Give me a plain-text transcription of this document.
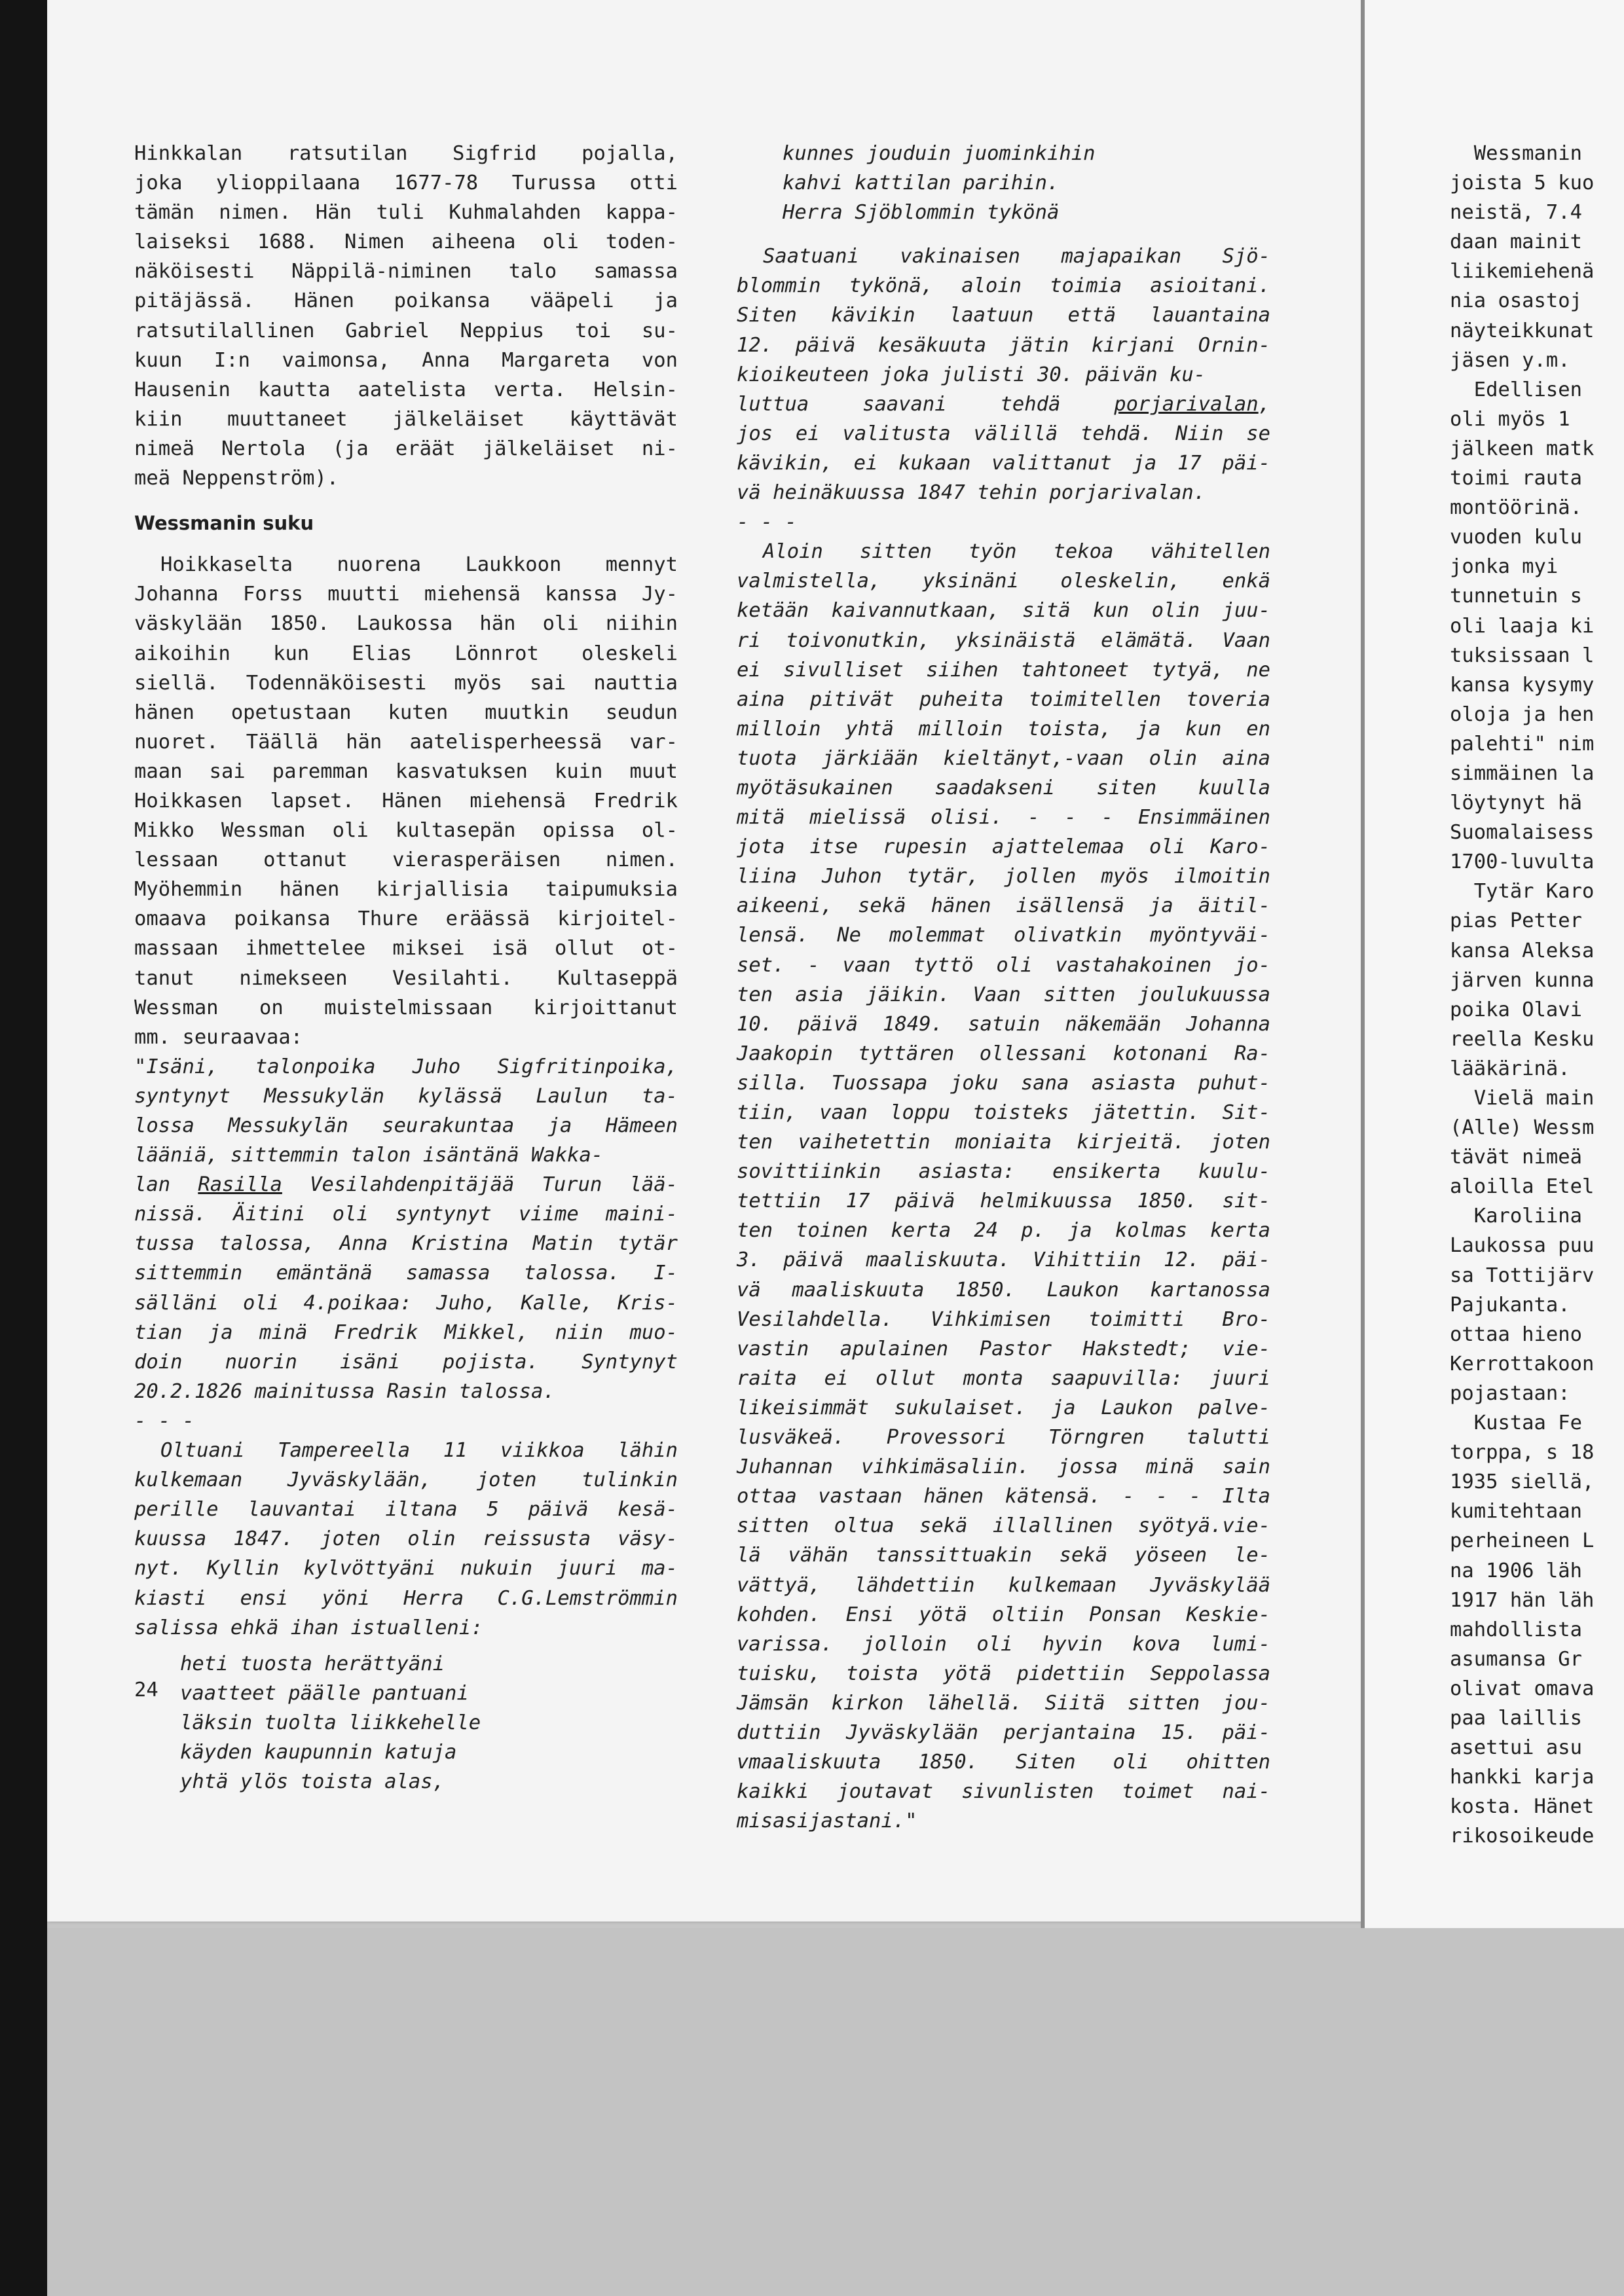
Hinkkalan ratsutilan Sigfrid pojalla,

joka ylioppilaana 1677-78 Turussa otti

tämän nimen. Hän tuli Kuhmalahden kappa-

laiseksi 1688. Nimen aiheena oli toden-

näköisesti Näppilä-niminen talo samassa

pitäjässä. Hänen poikansa vääpeli ja

ratsutilallinen Gabriel Neppius toi su-

kuun I:n vaimonsa, Anna Margareta von

Hausenin kautta aatelista verta. Helsin-

kiin muuttaneet jälkeläiset käyttävät

nimeä Nertola (ja eräät jälkeläiset ni-

meä Neppenström).

Wessmanin suku

Hoikkaselta nuorena Laukkoon mennyt

Johanna Forss muutti miehensä kanssa Jy-

väskylään 1850. Laukossa hän oli niihin

aikoihin kun Elias Lönnrot oleskeli

siellä. Todennäköisesti myös sai nauttia

hänen opetustaan kuten muutkin seudun

nuoret. Täällä hän aatelisperheessä var-

maan sai paremman kasvatuksen kuin muut

Hoikkasen lapset. Hänen miehensä Fredrik

Mikko Wessman oli kultasepän opissa ol-

lessaan ottanut vierasperäisen nimen.

Myöhemmin hänen kirjallisia taipumuksia

omaava poikansa Thure eräässä kirjoitel-

massaan ihmettelee miksei isä ollut ot-

tanut nimekseen Vesilahti. Kultaseppä

Wessman on muistelmissaan kirjoittanut

mm. seuraavaa:

"Isäni, talonpoika Juho Sigfritinpoika,

syntynyt Messukylän kylässä Laulun ta-

lossa Messukylän seurakuntaa ja Hämeen

lääniä, sittemmin talon isäntänä Wakka-

lan Rasilla Vesilahdenpitäjää Turun lää-

nissä. Äitini oli syntynyt viime maini-

tussa talossa, Anna Kristina Matin tytär

sittemmin emäntänä samassa talossa. I-

sälläni oli 4.poikaa: Juho, Kalle, Kris-

tian ja minä Fredrik Mikkel, niin muo-

doin nuorin isäni pojista. Syntynyt

20.2.1826 mainitussa Rasin talossa.

- - -

Oltuani Tampereella 11 viikkoa lähin

kulkemaan Jyväskylään, joten tulinkin

perille lauvantai iltana 5 päivä kesä-

kuussa 1847. joten olin reissusta väsy-

nyt. Kyllin kylvöttyäni nukuin juuri ma-

kiasti ensi yöni Herra C.G.Lemströmmin

salissa ehkä ihan istualleni:

heti tuosta herättyäni

vaatteet päälle pantuani

läksin tuolta liikkehelle

käyden kaupunnin katuja

yhtä ylös toista alas,

kunnes jouduin juominkihin

kahvi kattilan parihin.

Herra Sjöblommin tykönä

Saatuani vakinaisen majapaikan Sjö-

blommin tykönä, aloin toimia asioitani.

Siten kävikin laatuun että lauantaina

12. päivä kesäkuuta jätin kirjani Ornin-

kioikeuteen joka julisti 30. päivän ku-

luttua saavani tehdä porjarivalan,

jos ei valitusta välillä tehdä. Niin se

kävikin, ei kukaan valittanut ja 17 päi-

vä heinäkuussa 1847 tehin porjarivalan.

- - -

Aloin sitten työn tekoa vähitellen

valmistella, yksinäni oleskelin, enkä

ketään kaivannutkaan, sitä kun olin juu-

ri toivonutkin, yksinäistä elämätä. Vaan

ei sivulliset siihen tahtoneet tytyä, ne

aina pitivät puheita toimitellen toveria

milloin yhtä milloin toista, ja kun en

tuota järkiään kieltänyt,-vaan olin aina

myötäsukainen saadakseni siten kuulla

mitä mielissä olisi. - - - Ensimmäinen

jota itse rupesin ajattelemaa oli Karo-

liina Juhon tytär, jollen myös ilmoitin

aikeeni, sekä hänen isällensä ja äitil-

lensä. Ne molemmat olivatkin myöntyväi-

set. - vaan tyttö oli vastahakoinen jo-

ten asia jäikin. Vaan sitten joulukuussa

10. päivä 1849. satuin näkemään Johanna

Jaakopin tyttären ollessani kotonani Ra-

silla. Tuossapa joku sana asiasta puhut-

tiin, vaan loppu toisteks jätettin. Sit-

ten vaihetettin moniaita kirjeitä. joten

sovittiinkin asiasta: ensikerta kuulu-

tettiin 17 päivä helmikuussa 1850. sit-

ten toinen kerta 24 p. ja kolmas kerta

3. päivä maaliskuuta. Vihittiin 12. päi-

vä maaliskuuta 1850. Laukon kartanossa

Vesilahdella. Vihkimisen toimitti Bro-

vastin apulainen Pastor Hakstedt; vie-

raita ei ollut monta saapuvilla: juuri

likeisimmät sukulaiset. ja Laukon palve-

lusväkeä. Provessori Törngren talutti

Juhannan vihkimäsaliin. jossa minä sain

ottaa vastaan hänen kätensä. - - - Ilta

sitten oltua sekä illallinen syötyä.vie-

lä vähän tanssittuakin sekä yöseen le-

vättyä, lähdettiin kulkemaan Jyväskylää

kohden. Ensi yötä oltiin Ponsan Keskie-

varissa. jolloin oli hyvin kova lumi-

tuisku, toista yötä pidettiin Seppolassa

Jämsän kirkon lähellä. Siitä sitten jou-

duttiin Jyväskylään perjantaina 15. päi-

vmaaliskuuta 1850. Siten oli ohitten

kaikki joutavat sivunlisten toimet nai-

misasijastani."

Wessmanin
joista 5 kuo
neistä, 7.4
daan mainit
liikemiehenä
nia osastoj
näyteikkunat
jäsen y.m.
Edellisen
oli myös 1
jälkeen matk
toimi rauta
montöörinä.
vuoden kulu
jonka myi
tunnetuin s
oli laaja ki
tuksissaan l
kansa kysymy
oloja ja hen
palehti" nim
simmäinen la
löytynyt hä
Suomalaisess
1700-luvulta
Tytär Karo
pias Petter
kansa Aleksa
järven kunna
poika Olavi
reella Kesku
lääkärinä.
Vielä main
(Alle) Wessm
tävät nimeä
aloilla Etel
Karoliina
Laukossa puu
sa Tottijärv
Pajukanta.
ottaa hieno
Kerrottakoon
pojastaan:
Kustaa Fe
torppa, s 18
1935 siellä,
kumitehtaan
perheineen L
na 1906 läh
1917 hän läh
mahdollista
asumansa Gr
olivat omava
paa laillis
asettui asu
hankki karja
kosta. Hänet
rikosoikeude
24
